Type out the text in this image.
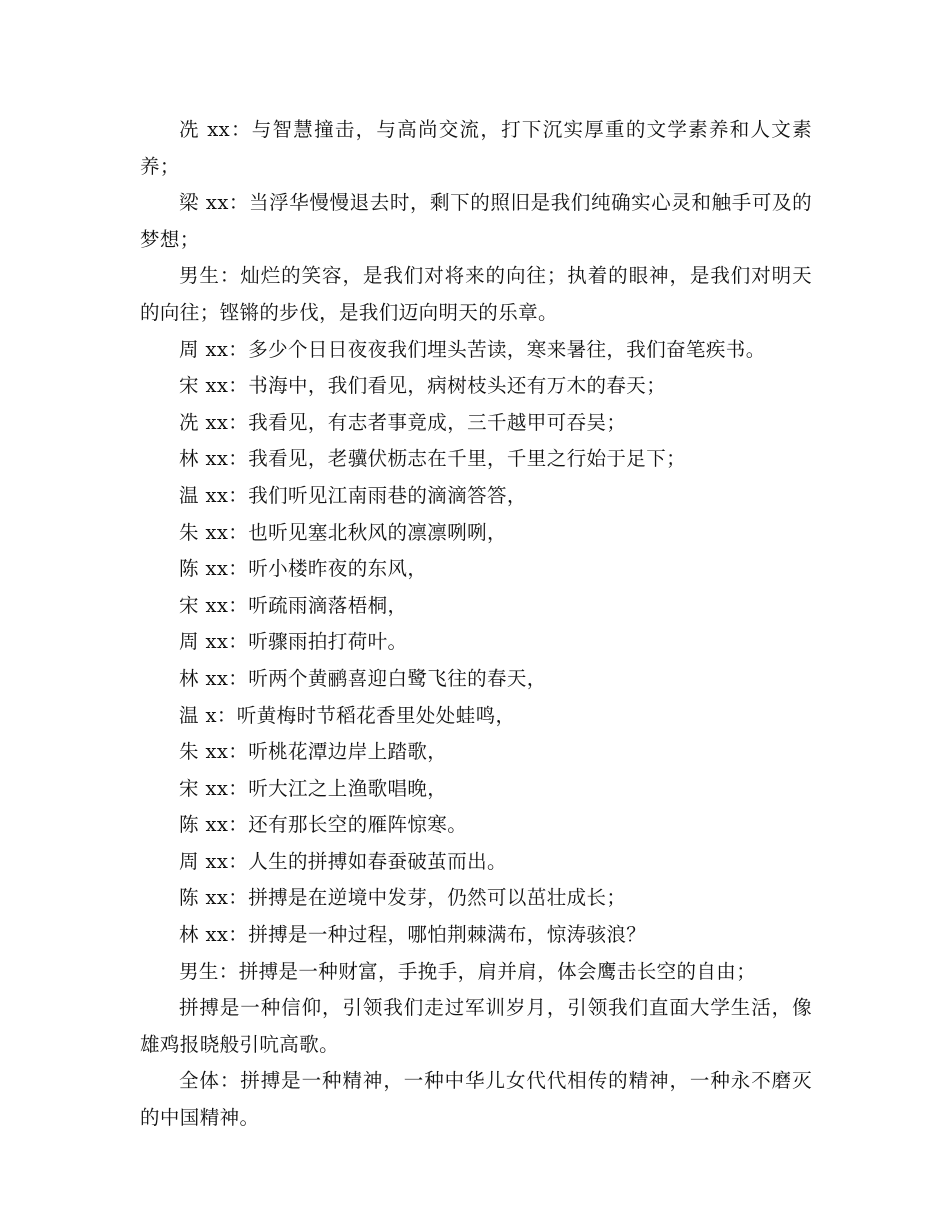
冼 xx：与智慧撞击，与高尚交流，打下沉实厚重的文学素养和人文素养；

梁 xx：当浮华慢慢退去时，剩下的照旧是我们纯确实心灵和触手可及的梦想；

男生：灿烂的笑容，是我们对将来的向往；执着的眼神，是我们对明天的向往；铿锵的步伐，是我们迈向明天的乐章。

周 xx：多少个日日夜夜我们埋头苦读，寒来暑往，我们奋笔疾书。

宋 xx：书海中，我们看见，病树枝头还有万木的春天；

冼 xx：我看见，有志者事竟成，三千越甲可吞吴；

林 xx：我看见，老骥伏枥志在千里，千里之行始于足下；

温 xx：我们听见江南雨巷的滴滴答答，

朱 xx：也听见塞北秋风的凛凛咧咧，

陈 xx：听小楼昨夜的东风，

宋 xx：听疏雨滴落梧桐，

周 xx：听骤雨拍打荷叶。

林 xx：听两个黄鹂喜迎白鹭飞往的春天，

温 x：听黄梅时节稻花香里处处蛙鸣，

朱 xx：听桃花潭边岸上踏歌，

宋 xx：听大江之上渔歌唱晚，

陈 xx：还有那长空的雁阵惊寒。

周 xx：人生的拼搏如春蚕破茧而出。

陈 xx：拼搏是在逆境中发芽，仍然可以茁壮成长；

林 xx：拼搏是一种过程，哪怕荆棘满布，惊涛骇浪？

男生：拼搏是一种财富，手挽手，肩并肩，体会鹰击长空的自由；

拼搏是一种信仰，引领我们走过军训岁月，引领我们直面大学生活，像雄鸡报晓般引吭高歌。

全体：拼搏是一种精神，一种中华儿女代代相传的精神，一种永不磨灭的中国精神。
